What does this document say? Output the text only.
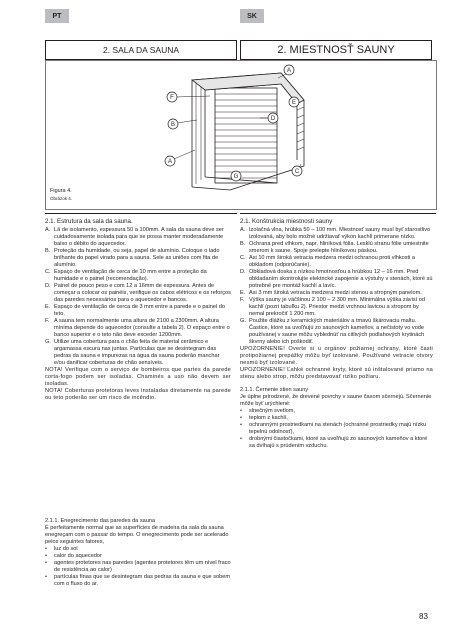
PT	SK
2. SALA DA SAUNA	2. MIESTNOSŤ SAUNY
A
B
F
A
D
E
C
G
Figura 4.
Obrázok 4.

2.1. Estrutura da sala da sauna.

A. Lã de isolamento, espessura 50 a 100mm. A sala da sauna deve ser cuidadosamente isolada para que se possa manter moderadamente baixo o débito do aquecedor.
B. Proteção da humidade, ou seja, papel de alumínio. Coloque o lado brilhante do papel virado para a sauna. Sele as uniões com fita de alumínio.
C. Espaço de ventilação de cerca de 10 mm entre a proteção da humidade e o painel (recomendação).
D. Painel de pouco peso e com 12 a 16mm de espessura. Antes de começar a colocar os painéis, verifique os cabos elétricos e os reforços das paredes necessários para o aquecedor e bancos.
E. Espaço de ventilação de cerca de 3 mm entre a parede e o painel do teto.
F. A sauna tem normalmente uma altura de 2100 a 2300mm. A altura mínima depende do aquecedor (consulte a tabela 2). O espaço entre o banco superior e o teto não deve exceder 1200mm.
G. Utilize uma cobertura para o chão feita de material cerâmico e argamassa escura nas juntas. Partículas que se desintegram das pedras da sauna e impurezas na água da sauna poderão manchar e/ou danificar coberturas de chão sensíveis.

NOTA! Verifique com o serviço de bombeiros que partes da parede corta-fogo podem ser isoladas. Chaminés a uso não devem ser isoladas.

NOTA! Coberturas protetoras leves instaladas diretamente na parede ou teto poderão ser um risco de incêndio.

2.1.1. Enegrecimento das paredes da sauna

É perfeitamente normal que as superfícies de madeira da sala da sauna enegreçam com o passar do tempo. O enegrecimento pode ser acelerado pelos seguintes fatores,

•	luz do sol
•	calor do aquecedor
•	agentes protetores nas paredes (agentes protetores têm um nível fraco de resistência ao calor)
•	partículas finas que se desintegram das pedras da sauna e que sobem com o fluxo do ar.

2.1. Konštrukcia miestnosti sauny

A. Izolačná vlna, hrúbka 50 – 100 mm. Miestnosť sauny musí byť starostlivo izolovaná, aby bolo možné udržiavať výkon kachlí primerane nízko.
B. Ochrana pred vlhkom, napr. hliníková fólia. Lesklú stranu fólie umiestnite smerom k saune. Spoje prelepte hliníkovou páskou.
C. Asi 10 mm široká vetracia medzera medzi ochranou proti vlhkosti a obkladom (odporúčanie).
D. Obkladová doska s nízkou hmotnosťou a hrúbkou 12 – 16 mm. Pred obkladaním skontrolujte elektrické zapojenie a výstuhy v stenách, ktoré sú potrebné pre montáž kachlí a lavíc.
E. Asi 3 mm široká vetracia medzera medzi stenou a stropným panelom.
F. Výška sauny je väčšinou 2 100 – 2 300 mm. Minimálna výška závisí od kachlí (pozri tabuľku 2). Priestor medzi vrchnou lavicou a stropom by nemal prekročiť 1 200 mm.
G. Použite dlážku z keramických materiálov a tmavú škárovaciu maltu. Častice, ktoré sa uvoľňujú zo saunových kameňov, a nečistoty vo vode používanej v saune môžu vyblednúť na citlivých podlahových krytinách škvrny alebo ich poškodiť.

UPOZORNENIE! Overte si u orgánov požiarnej ochrany, ktoré časti protipožiarnej prepážky môžu byť izolované. Používané vetracie otvory nesmú byť izolované.

UPOZORNENIE! Ľahké ochranné kryty, ktoré sú inštalované priamo na stenu alebo strop, môžu predstavovať riziko požiaru.

2.1.1. Černenie stien sauny

Je úplne prirodzené, že drevené povrchy v saune časom sčernejú. Sčernenie môže byť urýchlené:

•	slnečným svetlom,
•	teplom z kachlí,
•	ochrannými prostriedkami na stenách (ochranné prostriedky majú nízku tepelnú odolnosť),
•	drobnými čiastočkami, ktoré sa uvoľňujú zo saunových kameňov a ktoré sa dvíhajú s prúdením vzduchu.
83
